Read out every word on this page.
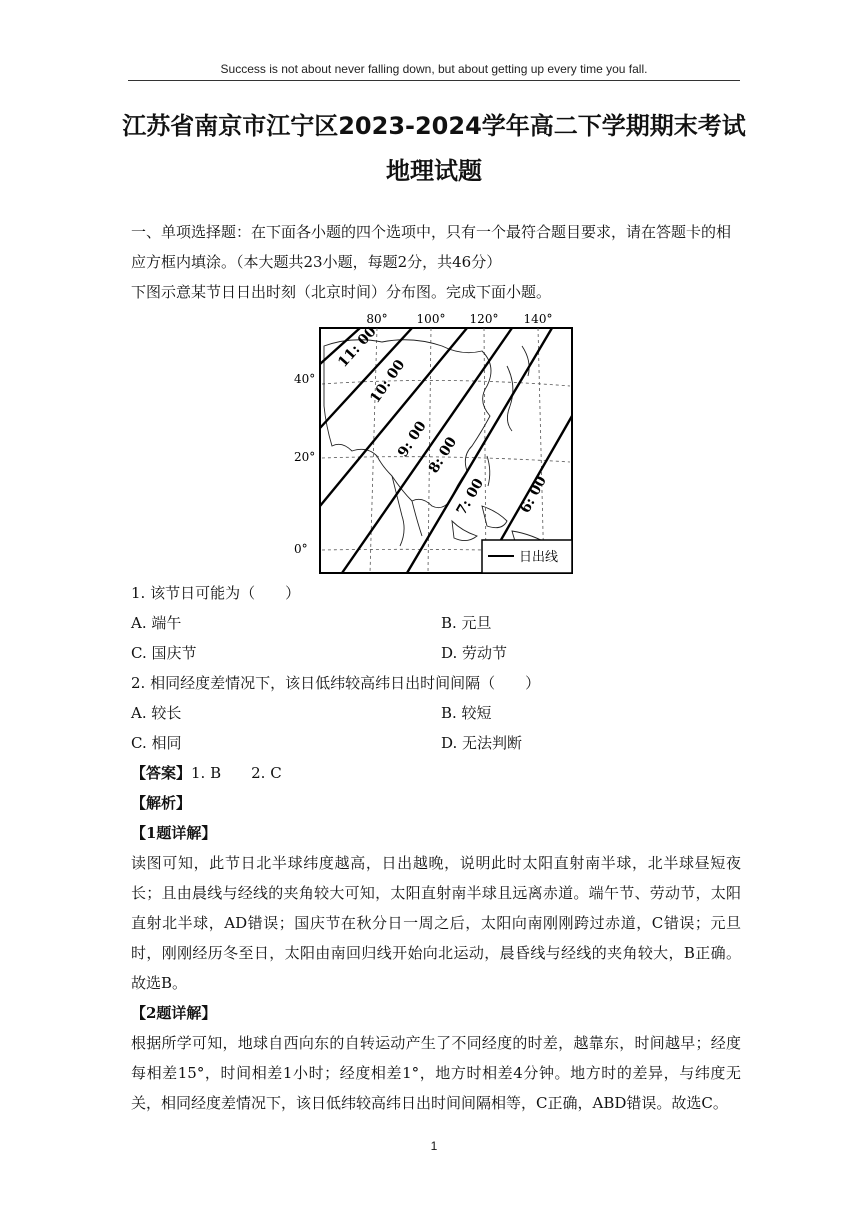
Success is not about never falling down, but about getting up every time you fall.
江苏省南京市江宁区2023-2024学年高二下学期期末考试
地理试题
一、单项选择题：在下面各小题的四个选项中，只有一个最符合题目要求，请在答题卡的相
应方框内填涂。（本大题共23小题，每题2分，共46分）
下图示意某节日日出时刻（北京时间）分布图。完成下面小题。
80° 100° 120° 140°
40°
20°
0°
11: 00
10: 00
9: 00
8: 00
7: 00 6: 00
日出线
1. 该节日可能为（　　）
A. 端午	B. 元旦
C. 国庆节	D. 劳动节
2. 相同经度差情况下，该日低纬较高纬日出时间间隔（　　）
A. 较长	B. 较短
C. 相同	D. 无法判断
【答案】1. B　　2. C
【解析】
【1题详解】
读图可知，此节日北半球纬度越高，日出越晚，说明此时太阳直射南半球，北半球昼短夜长；且由晨线与经线的夹角较大可知，太阳直射南半球且远离赤道。端午节、劳动节，太阳直射北半球，AD错误；国庆节在秋分日一周之后，太阳向南刚刚跨过赤道，C错误；元旦时，刚刚经历冬至日，太阳由南回归线开始向北运动，晨昏线与经线的夹角较大，B正确。故选B。
【2题详解】
根据所学可知，地球自西向东的自转运动产生了不同经度的时差，越靠东，时间越早；经度每相差15°，时间相差1小时；经度相差1°，地方时相差4分钟。地方时的差异，与纬度无关，相同经度差情况下，该日低纬较高纬日出时间间隔相等，C正确，ABD错误。故选C。
1
